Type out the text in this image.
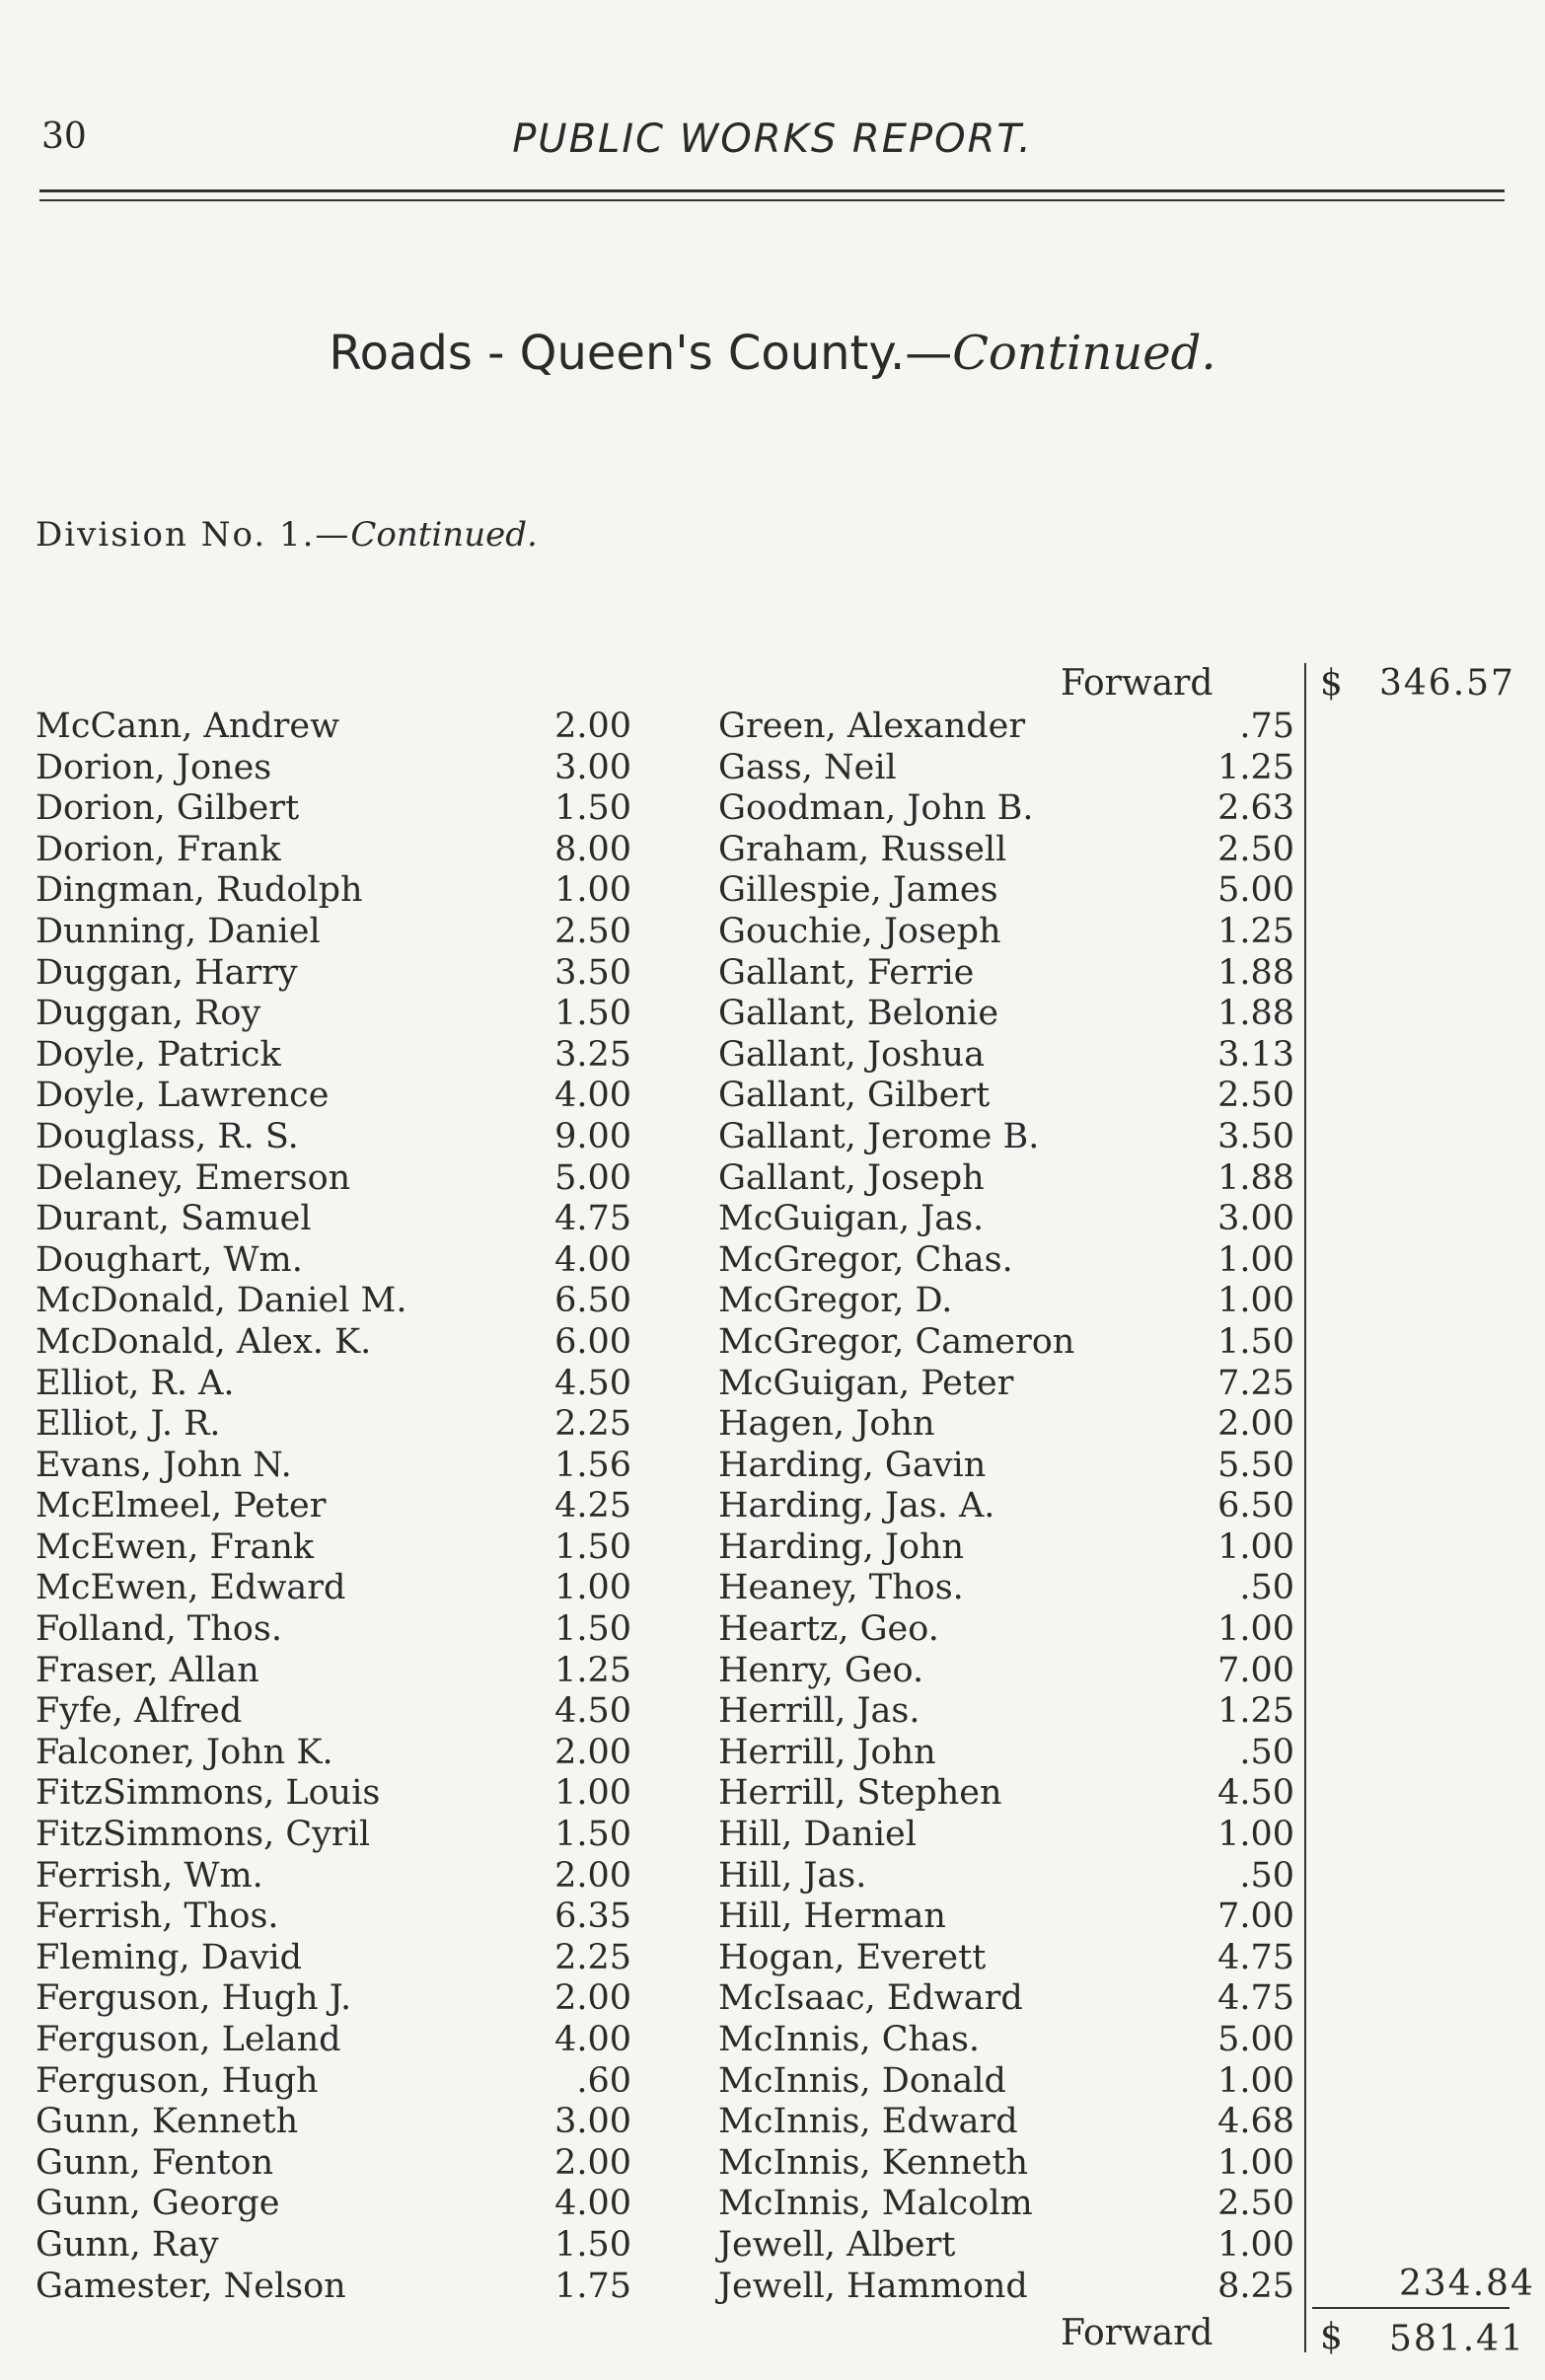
30	PUBLIC WORKS REPORT.
Roads - Queen's County.—Continued.
Division No. 1.—Continued.
Forward	$ 346.57
McCann, Andrew	2.00	Green, Alexander	.75
Dorion, Jones	3.00	Gass, Neil	1.25
Dorion, Gilbert	1.50	Goodman, John B.	2.63
Dorion, Frank	8.00	Graham, Russell	2.50
Dingman, Rudolph	1.00	Gillespie, James	5.00
Dunning, Daniel	2.50	Gouchie, Joseph	1.25
Duggan, Harry	3.50	Gallant, Ferrie	1.88
Duggan, Roy	1.50	Gallant, Belonie	1.88
Doyle, Patrick	3.25	Gallant, Joshua	3.13
Doyle, Lawrence	4.00	Gallant, Gilbert	2.50
Douglass, R. S.	9.00	Gallant, Jerome B.	3.50
Delaney, Emerson	5.00	Gallant, Joseph	1.88
Durant, Samuel	4.75	McGuigan, Jas.	3.00
Doughart, Wm.	4.00	McGregor, Chas.	1.00
McDonald, Daniel M.	6.50	McGregor, D.	1.00
McDonald, Alex. K.	6.00	McGregor, Cameron	1.50
Elliot, R. A.	4.50	McGuigan, Peter	7.25
Elliot, J. R.	2.25	Hagen, John	2.00
Evans, John N.	1.56	Harding, Gavin	5.50
McElmeel, Peter	4.25	Harding, Jas. A.	6.50
McEwen, Frank	1.50	Harding, John	1.00
McEwen, Edward	1.00	Heaney, Thos.	.50
Folland, Thos.	1.50	Heartz, Geo.	1.00
Fraser, Allan	1.25	Henry, Geo.	7.00
Fyfe, Alfred	4.50	Herrill, Jas.	1.25
Falconer, John K.	2.00	Herrill, John	.50
FitzSimmons, Louis	1.00	Herrill, Stephen	4.50
FitzSimmons, Cyril	1.50	Hill, Daniel	1.00
Ferrish, Wm.	2.00	Hill, Jas.	.50
Ferrish, Thos.	6.35	Hill, Herman	7.00
Fleming, David	2.25	Hogan, Everett	4.75
Ferguson, Hugh J.	2.00	McIsaac, Edward	4.75
Ferguson, Leland	4.00	McInnis, Chas.	5.00
Ferguson, Hugh	.60	McInnis, Donald	1.00
Gunn, Kenneth	3.00	McInnis, Edward	4.68
Gunn, Fenton	2.00	McInnis, Kenneth	1.00
Gunn, George	4.00	McInnis, Malcolm	2.50
Gunn, Ray	1.50	Jewell, Albert	1.00
Gamester, Nelson	1.75	Jewell, Hammond	8.25	234.84
Forward	$ 581.41
